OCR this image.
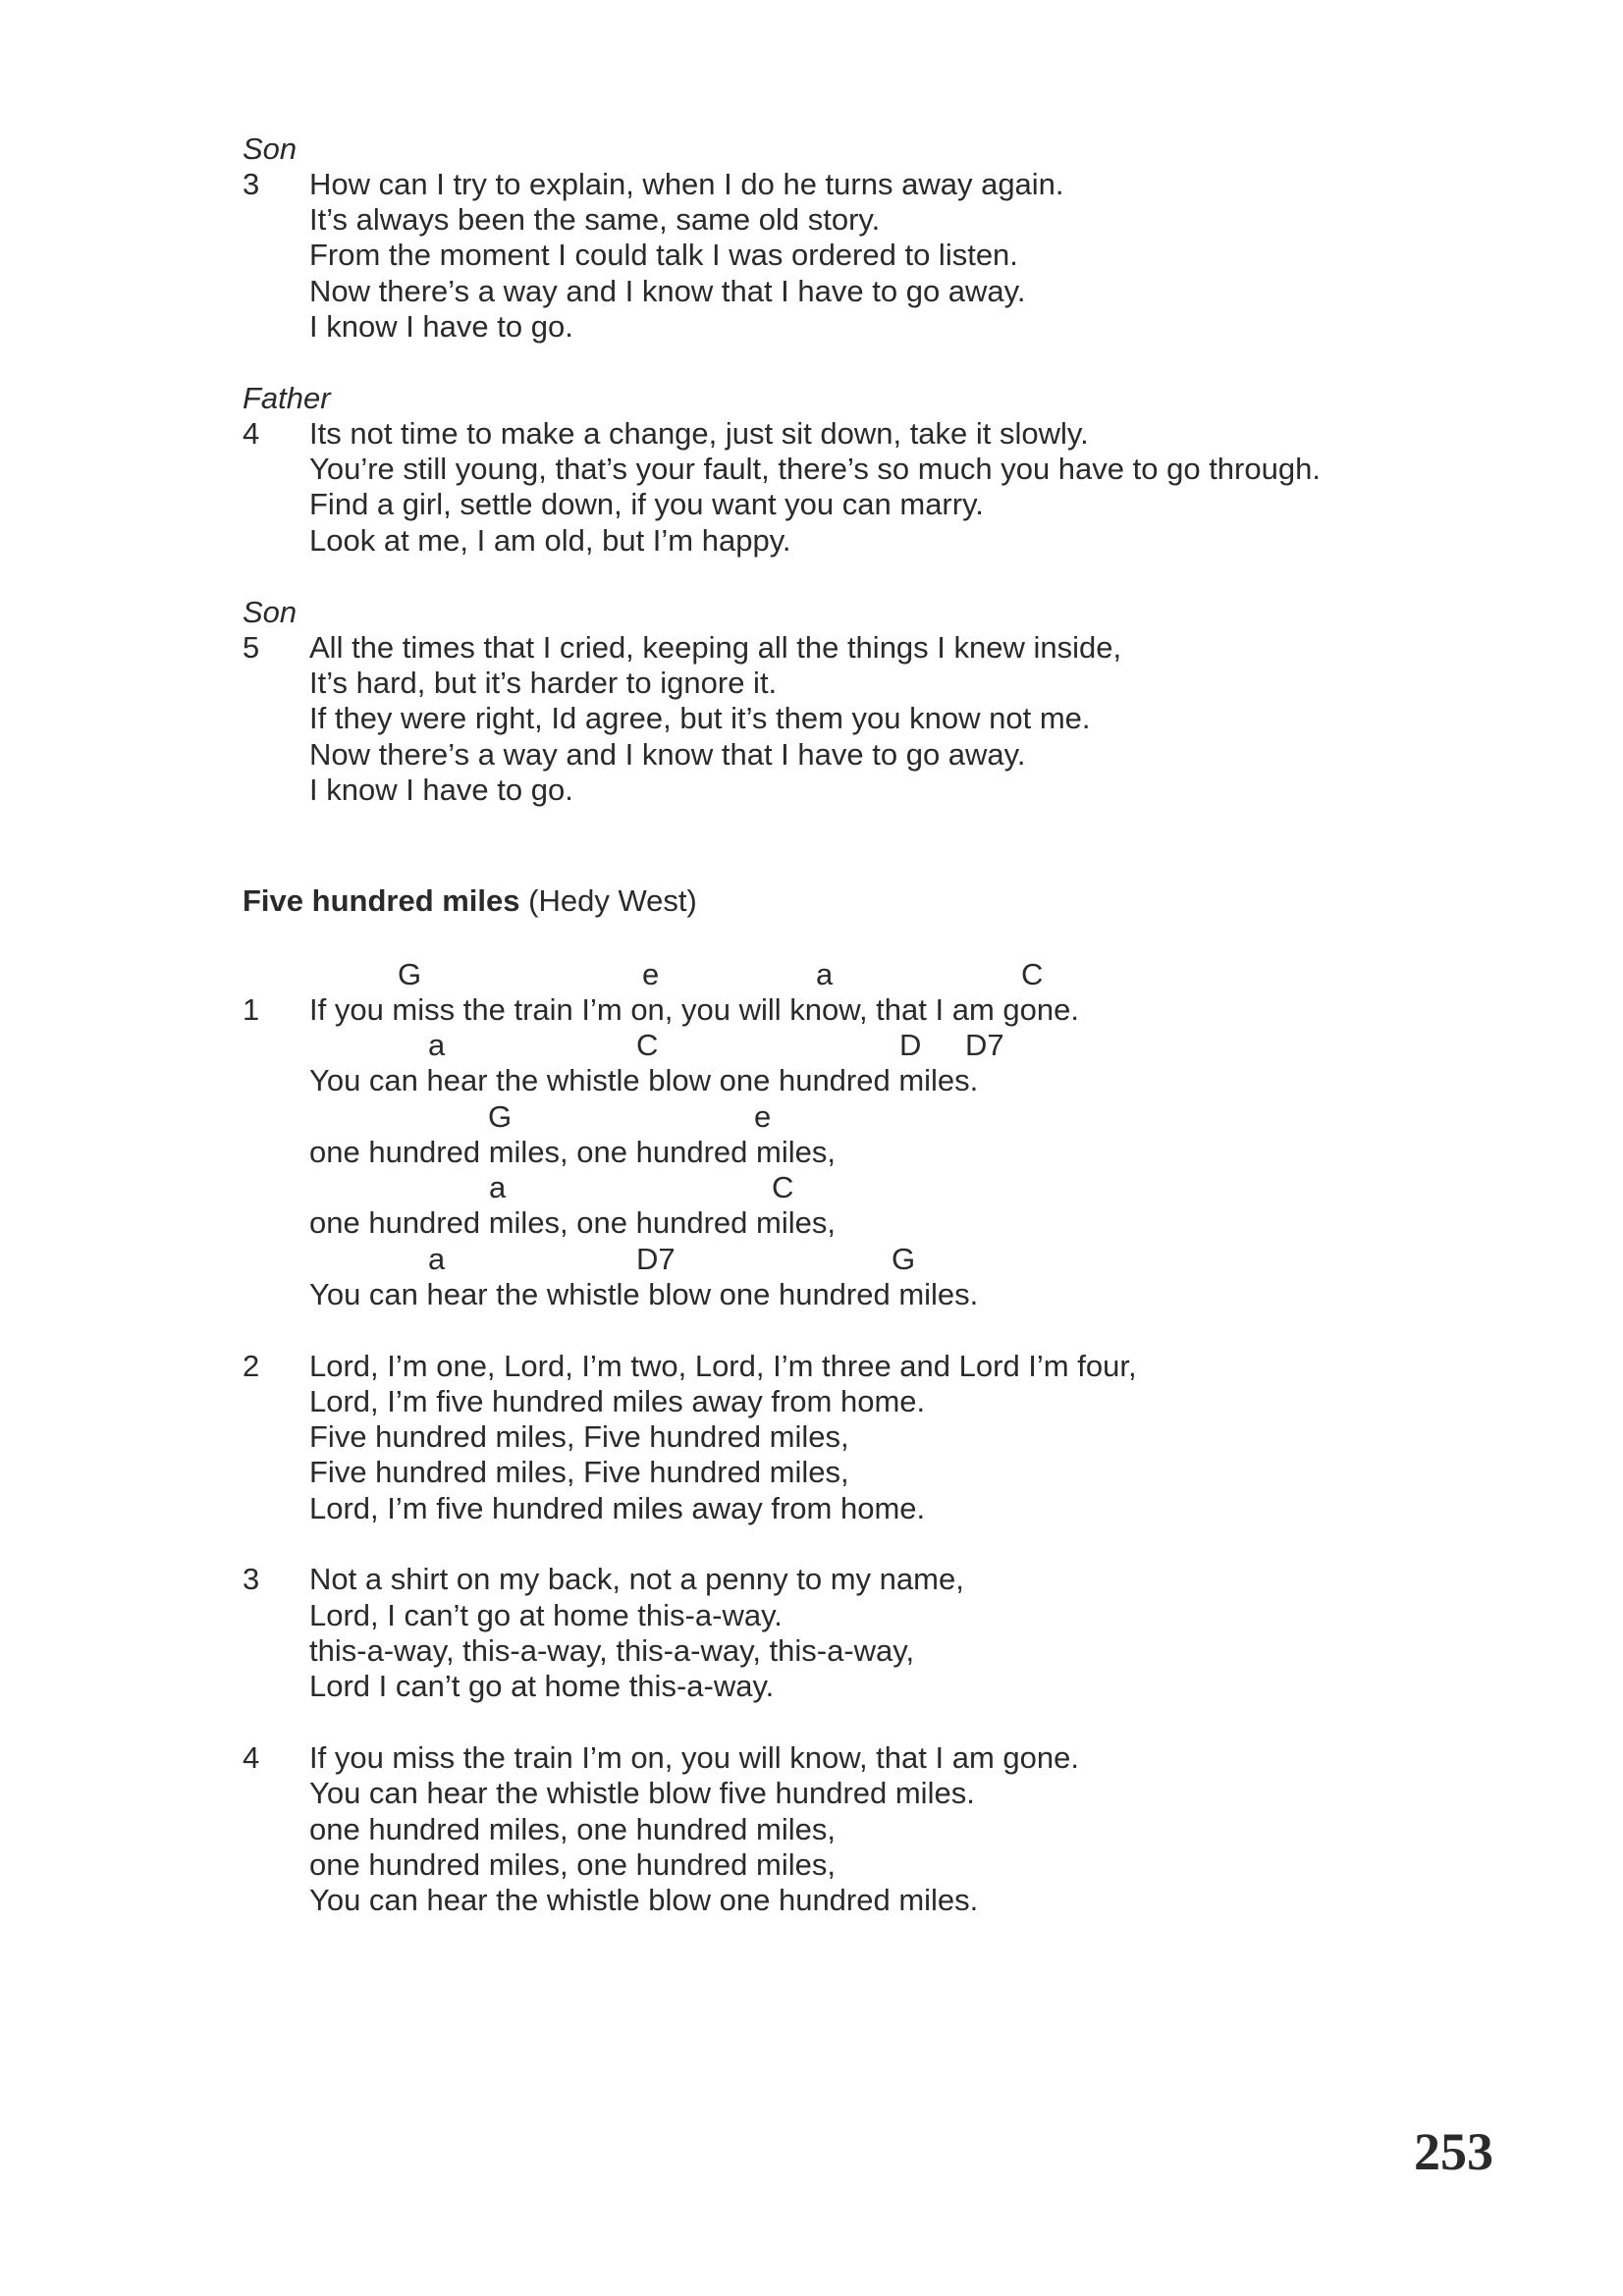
Son
3 How can I try to explain, when I do he turns away again.
It’s always been the same, same old story.
From the moment I could talk I was ordered to listen.
Now there’s a way and I know that I have to go away.
I know I have to go.
Father
4 Its not time to make a change, just sit down, take it slowly.
You’re still young, that’s your fault, there’s so much you have to go through.
Find a girl, settle down, if you want you can marry.
Look at me, I am old, but I’m happy.
Son
5 All the times that I cried, keeping all the things I knew inside,
It’s hard, but it’s harder to ignore it.
If they were right, Id agree, but it’s them you know not me.
Now there’s a way and I know that I have to go away.
I know I have to go.
Five hundred miles (Hedy West)
1
G	e	a	C
If you miss the train I’m on, you will know, that I am gone.
a	C	D D7
You can hear the whistle blow one hundred miles.
G	e
one hundred miles, one hundred miles,
a	C
one hundred miles, one hundred miles,
a	D7	G
You can hear the whistle blow one hundred miles.
2 Lord, I’m one, Lord, I’m two, Lord, I’m three and Lord I’m four,
Lord, I’m five hundred miles away from home.
Five hundred miles, Five hundred miles,
Five hundred miles, Five hundred miles,
Lord, I’m five hundred miles away from home.
3 Not a shirt on my back, not a penny to my name,
Lord, I can’t go at home this-a-way.
this-a-way, this-a-way, this-a-way, this-a-way,
Lord I can’t go at home this-a-way.
4 If you miss the train I’m on, you will know, that I am gone.
You can hear the whistle blow five hundred miles.
one hundred miles, one hundred miles,
one hundred miles, one hundred miles,
You can hear the whistle blow one hundred miles.
253
